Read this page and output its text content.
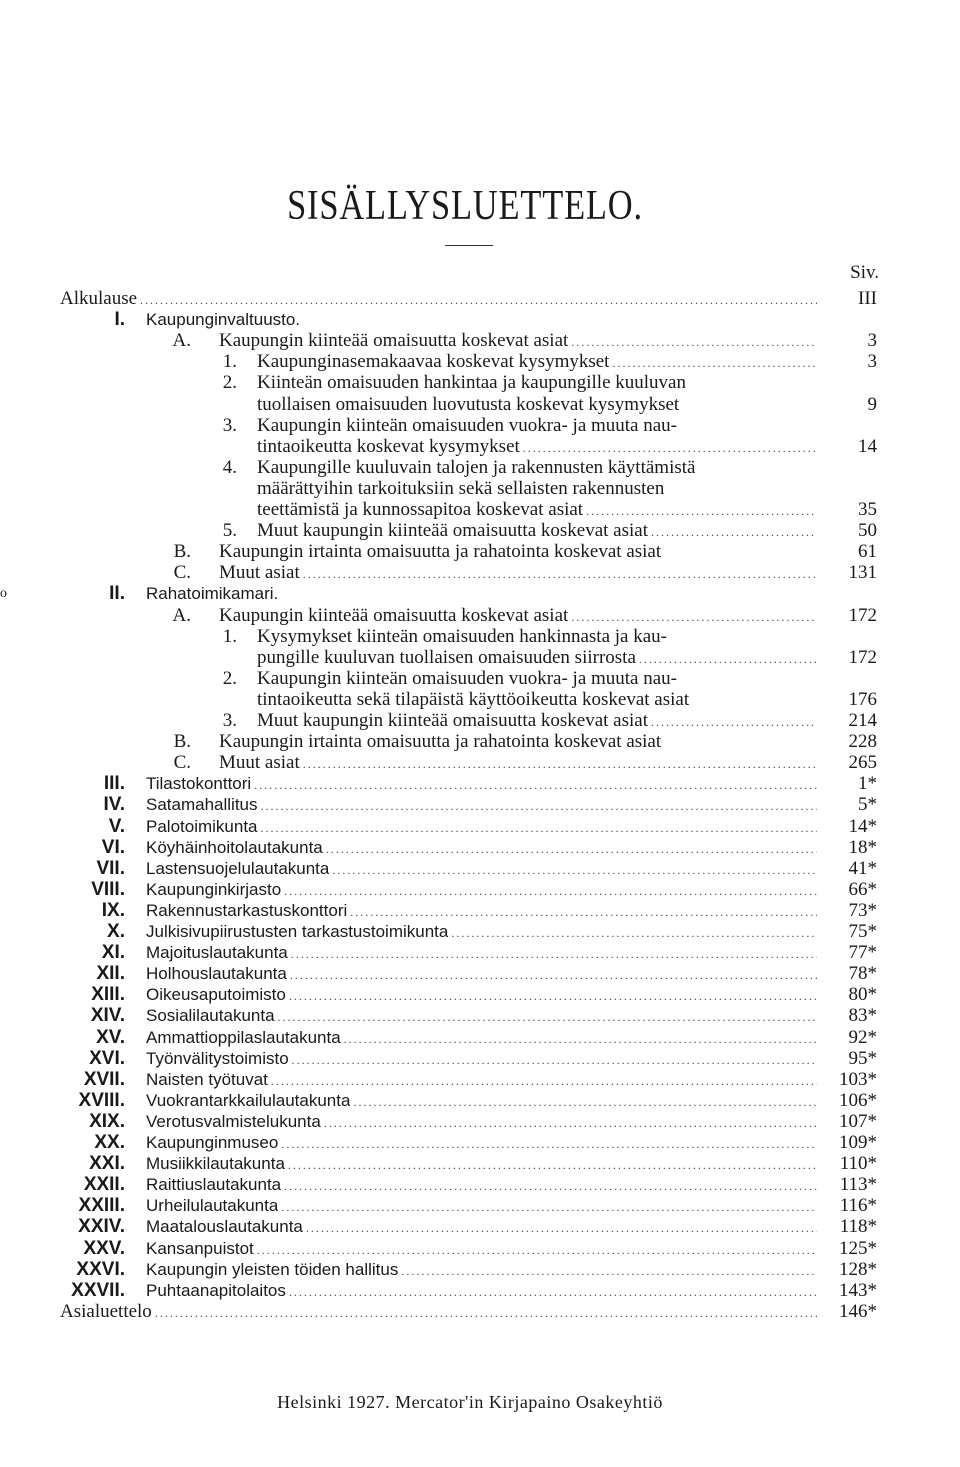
SISÄLLYSLUETTELO.
Siv.
o
Alkulause .....	III
I. Kaupunginvaltuusto.
A. Kaupungin kiinteää omaisuutta koskevat asiat .....	3
1. Kaupunginasemakaavaa koskevat kysymykset .....	3
2. Kiinteän omaisuuden hankintaa ja kaupungille kuuluvan
tuollaisen omaisuuden luovutusta koskevat kysymykset	9
3. Kaupungin kiinteän omaisuuden vuokra- ja muuta nau-
tintaoikeutta koskevat kysymykset .....	14
4. Kaupungille kuuluvain talojen ja rakennusten käyttämistä
määrättyihin tarkoituksiin sekä sellaisten rakennusten
teettämistä ja kunnossapitoa koskevat asiat .....	35
5. Muut kaupungin kiinteää omaisuutta koskevat asiat .....	50
B. Kaupungin irtainta omaisuutta ja rahatointa koskevat asiat	61
C. Muut asiat .....	131
II. Rahatoimikamari.
A. Kaupungin kiinteää omaisuutta koskevat asiat .....	172
1. Kysymykset kiinteän omaisuuden hankinnasta ja kau-
pungille kuuluvan tuollaisen omaisuuden siirrosta .....	172
2. Kaupungin kiinteän omaisuuden vuokra- ja muuta nau-
tintaoikeutta sekä tilapäistä käyttöoikeutta koskevat asiat	176
3. Muut kaupungin kiinteää omaisuutta koskevat asiat .....	214
B. Kaupungin irtainta omaisuutta ja rahatointa koskevat asiat	228
C. Muut asiat .....	265
III. Tilastokonttori .....	1*
IV. Satamahallitus .....	5*
V. Palotoimikunta .....	14*
VI. Köyhäinhoitolautakunta .....	18*
VII. Lastensuojelulautakunta .....	41*
VIII. Kaupunginkirjasto .....	66*
IX. Rakennustarkastuskonttori .....	73*
X. Julkisivupiirustusten tarkastustoimikunta .....	75*
XI. Majoituslautakunta .....	77*
XII. Holhouslautakunta .....	78*
XIII. Oikeusaputoimisto .....	80*
XIV. Sosialilautakunta .....	83*
XV. Ammattioppilaslautakunta .....	92*
XVI. Työnvälitystoimisto .....	95*
XVII. Naisten työtuvat .....	103*
XVIII. Vuokrantarkkailulautakunta .....	106*
XIX. Verotusvalmistelukunta .....	107*
XX. Kaupunginmuseo .....	109*
XXI. Musiikkilautakunta .....	110*
XXII. Raittiuslautakunta .....	113*
XXIII. Urheilulautakunta .....	116*
XXIV. Maatalouslautakunta .....	118*
XXV. Kansanpuistot .....	125*
XXVI. Kaupungin yleisten töiden hallitus .....	128*
XXVII. Puhtaanapitolaitos .....	143*
Asialuettelo .....	146*
Helsinki 1927. Mercator'in Kirjapaino Osakeyhtiö
